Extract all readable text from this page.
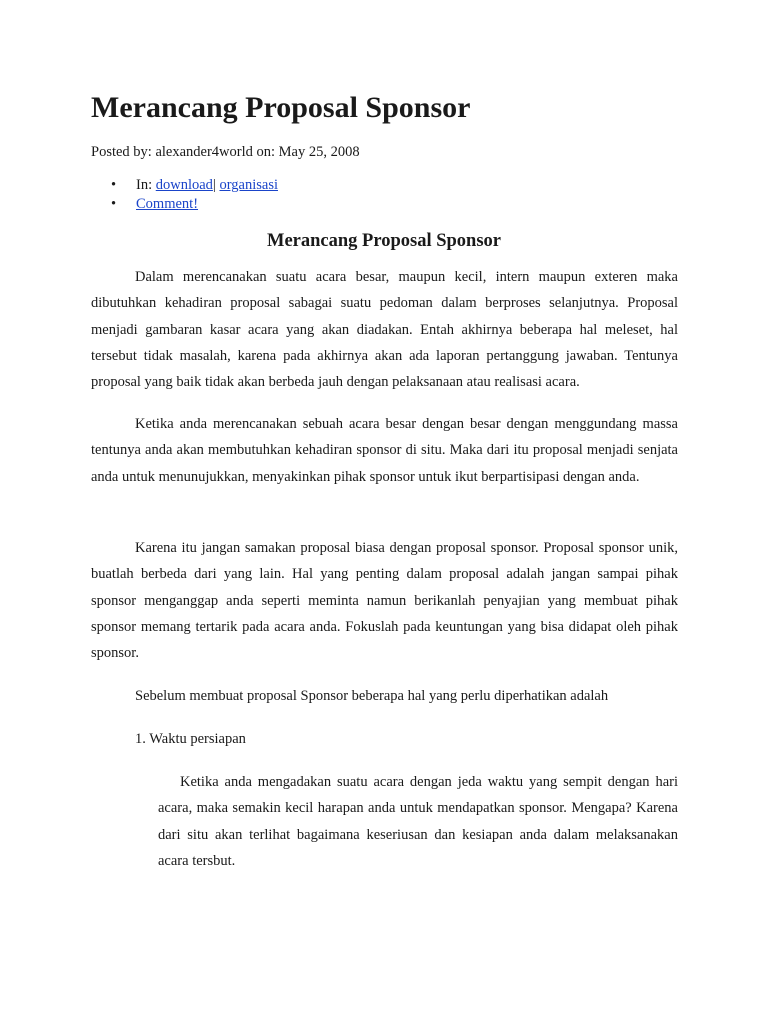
Merancang Proposal Sponsor
Posted by: alexander4world on: May 25, 2008
• In: download| organisasi
• Comment!
Merancang Proposal Sponsor

Dalam merencanakan suatu acara besar, maupun kecil, intern maupun exteren maka dibutuhkan kehadiran proposal sabagai suatu pedoman dalam berproses selanjutnya. Proposal menjadi gambaran kasar acara yang akan diadakan. Entah akhirnya beberapa hal meleset, hal tersebut tidak masalah, karena pada akhirnya akan ada laporan pertanggung jawaban. Tentunya proposal yang baik tidak akan berbeda jauh dengan pelaksanaan atau realisasi acara.

Ketika anda merencanakan sebuah acara besar dengan besar dengan menggundang massa tentunya anda akan membutuhkan kehadiran sponsor di situ. Maka dari itu proposal menjadi senjata anda untuk menunujukkan, menyakinkan pihak sponsor untuk ikut berpartisipasi dengan anda.

Karena itu jangan samakan proposal biasa dengan proposal sponsor. Proposal sponsor unik, buatlah berbeda dari yang lain. Hal yang penting dalam proposal adalah jangan sampai pihak sponsor menganggap anda seperti meminta namun berikanlah penyajian yang membuat pihak sponsor memang tertarik pada acara anda. Fokuslah pada keuntungan yang bisa didapat oleh pihak sponsor.

Sebelum membuat proposal Sponsor beberapa hal yang perlu diperhatikan adalah

1. Waktu persiapan

Ketika anda mengadakan suatu acara dengan jeda waktu yang sempit dengan hari acara, maka semakin kecil harapan anda untuk mendapatkan sponsor. Mengapa? Karena dari situ akan terlihat bagaimana keseriusan dan kesiapan anda dalam melaksanakan acara tersbut.
